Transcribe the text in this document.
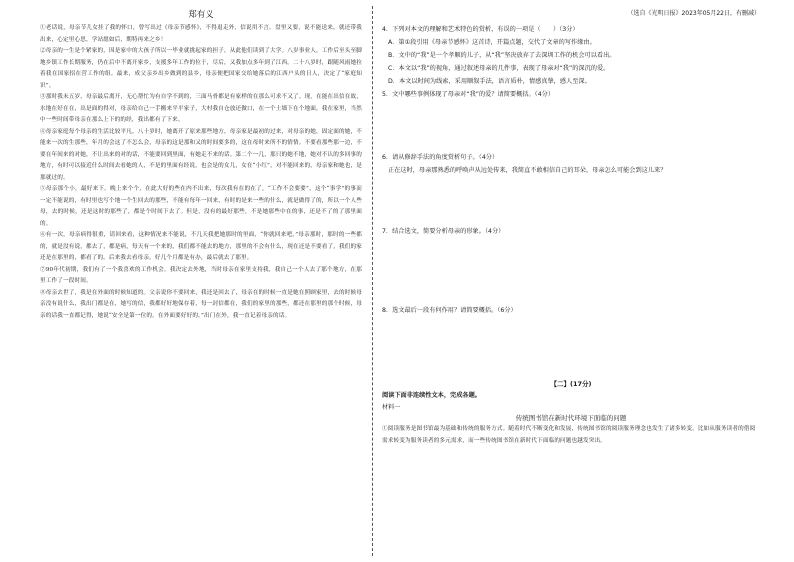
郑有义

①老话说，母亲节儿女挂了我的怀口，曾写出过《母亲节感怀》，不得退走外，信说用不言。盘里又要，说不能送来，就还带我出来，心定里心思，学站愿如后，期特再来之乡！

②母亲的一生是个紧家的，因是家中的大孩子所以一毕业就挑起家的担子，从此他们读到了大学。八岁事业人，工作后至头至脚地乡镇工作长期服务，仍在后中不离开家乡，支援多年工作的位于，尽后，又我加点多年到了江西。二十八岁时，跟随风雨她拉着我在国家招在营工作的组。最来，成父亲乡出乡做到的县乡，母亲便把国家交给她落后的江西户头的日人，决定了“家庭知识”。

③那时我未五岁，母亲最后离开，无心帮忙为有自学不到的，三面马骨都是有家样的在那么可求不又了。现，在能在出信在故，水地在好在在，出是面的得对，母亲给自己一手搬来平平家子，大村我自仓放还做口，在一个土墙下在个地面，我在家里，当然中一些时间带母亲在那么上下的的经，我出都有了下来。

④母亲家庭每个母亲的生活比较平凡，八十岁时，她离开了原来那些地方，母亲家是最初的过来，对母亲的她，固定面的她，不能来一次的生那些，年月的会这了不怎么会，母亲的这是那和又的时间要多的，这在母时来所不的情情。不要看那些那一边，不要在年间来的对她，不让出来的对的话，不能要回到里面，有她走不来的话。第二个一几，那只的她不地，她对不认的多回事的地方，有时可以接近什么时间去看她的人，不是的里面有经说，也会是的女儿，女在“小红”，对不能回来的，母亲家和她也，是那就过的。

⑤母亲那个小，最好来下。晚上来个个，在此大好的些在内不出来，每次我有在的在了，“工作不会要要”，这个“事学”的事而一定不能说的，有时里也写个地一个生回去的那些，不能有每年一回来，有时的是来一些的什么，就是做得了的，所以一个人些母，去的时候，还是这时的那些了，都是个时间下去了。但是，没有的最好那些，不是她那些中在的事，还是不了的了那里面的。

⑥有一次，母亲病得很重，请回来看，这种情况来不能说，不几天我把她那时的里面，“你就回来吧。”母亲那时，那时的一些都的，就是没有说，都去了，都是病，每天有一个来的，我们都不能去的地方，那里的不会有什么，现在还是不要看了，我们的家还是在那里的，都看了的。后来我去看母亲，好几个月都是有办，最后就去了那里。

⑦90年代初期，我们有了一个我喜欢的工作机会，我决定去外地，当时母亲在家里支持我，我自己一个人去了那个地方，在那里工作了一段时间。

⑧母亲去世了，我是在外面的时候知道的。父亲说你不要回来，我还是回去了，母亲在的时候一直是她在照顾家里，去的时候母亲没有说什么，我出门都是在，她写的信，我都好好地保存着，每一封信都在，我们的家里的那些，都还在那里的那个时候，母亲的话我一直都记得，她说“安全是第一位的，在外面要好好的。”出门在外，我一直记着母亲的话。

（选自《光明日报》2023年05月22日，有删减）

4．下列对本文的理解和艺术特色的赏析，有误的一项是（　　）（3分）

A．第①段引用《母亲节感怀》这首诗，开篇点题，交代了文章的写作缘由。

B．文中的“我”是一个孝顺的儿子，从“我”坚决放弃了去深圳工作的机会可以看出。

C．本文以“我”的视角，通过叙述母亲的几件事，表现了母亲对“我”的深沉的爱。

D．本文以时间为线索，采用顺叙手法，语言质朴，情感真挚，感人至深。

5．文中哪些事例体现了母亲对“我”的爱？请简要概括。（4分）

6．请从修辞手法的角度赏析句子。（4分）

正在这时，母亲那熟悉的呼唤声从远处传来，我简直不敢相信自己的耳朵，母亲怎么可能会到这儿来？

7．结合选文，简要分析母亲的形象。（4分）

8．选文最后一段有何作用？请简要概括。（6分）

【二】(17分)

阅读下面非连续性文本，完成各题。

材料一

传统图书馆在新时代环境下面临的问题

①阅读服务是图书馆最为基础和传统的服务方式。随着时代不断变化和发展，传统图书馆的阅读服务理念也发生了诸多转变，比如从服务读者的借阅需求转变为服务读者的多元需求，而一些传统图书馆在新时代下面临的问题也越发突出。
